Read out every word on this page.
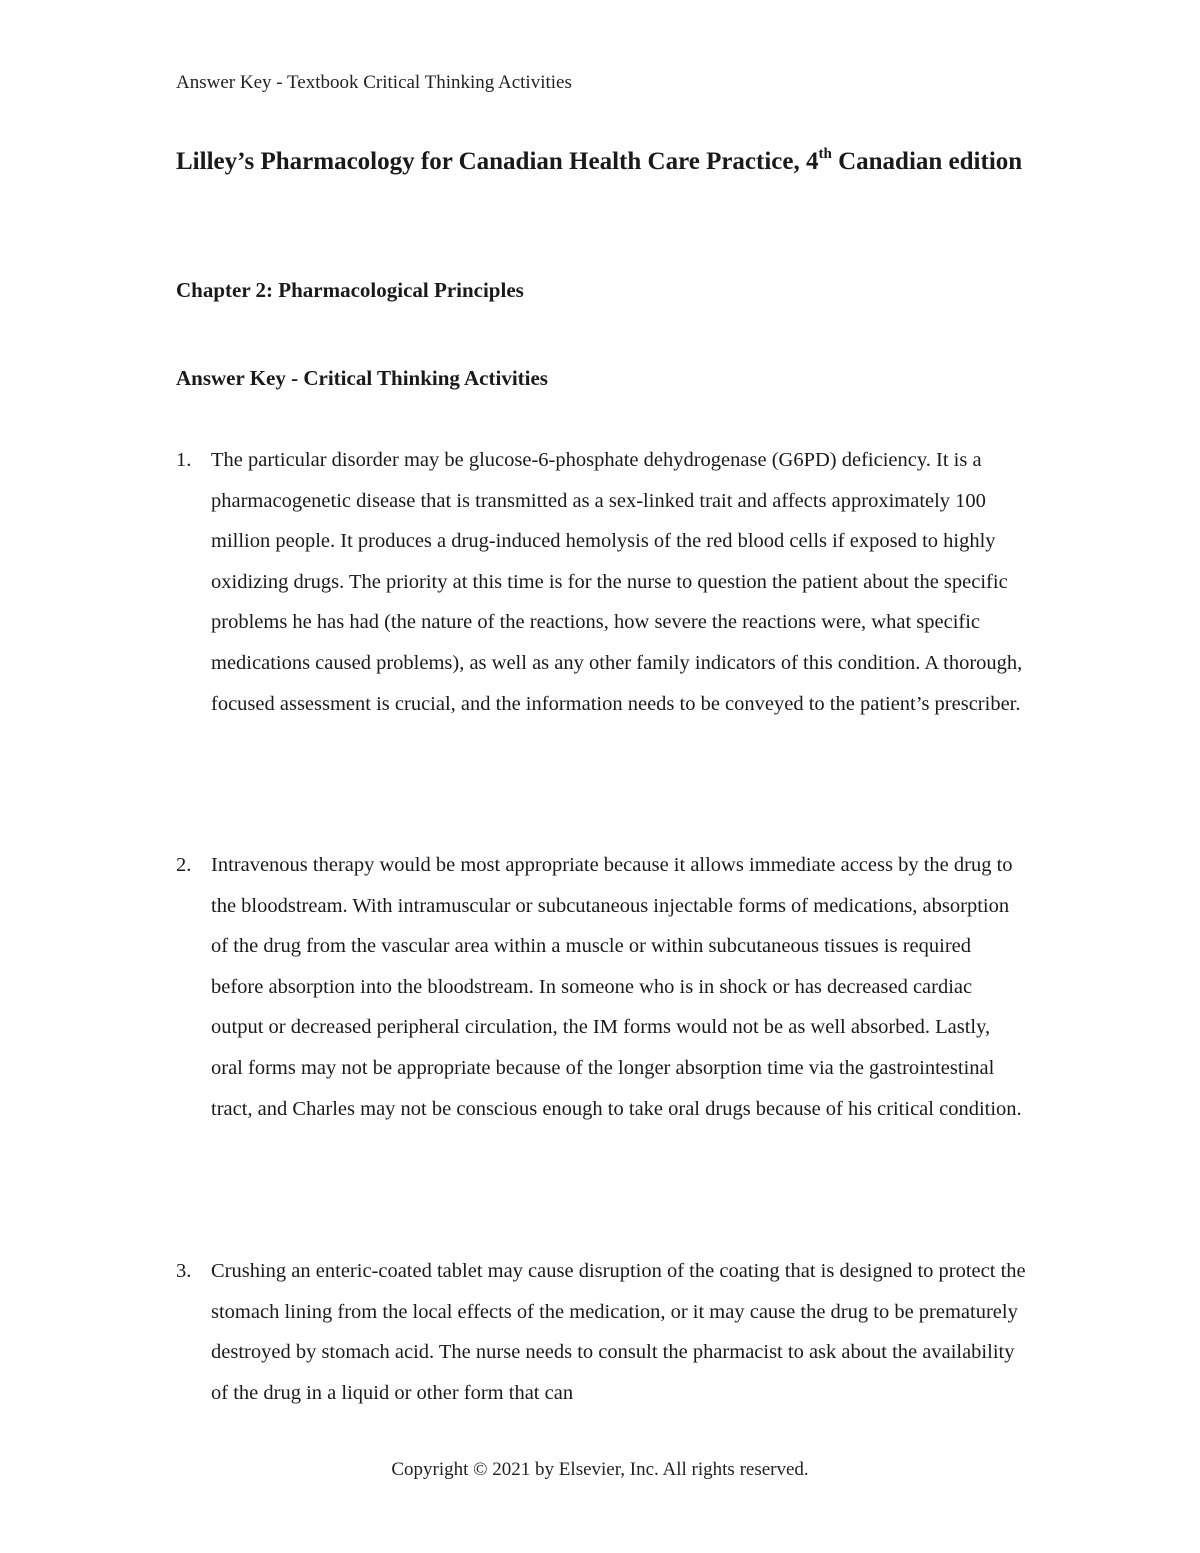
Answer Key - Textbook Critical Thinking Activities
Lilley’s Pharmacology for Canadian Health Care Practice, 4th Canadian edition
Chapter 2: Pharmacological Principles
Answer Key - Critical Thinking Activities
1. The particular disorder may be glucose-6-phosphate dehydrogenase (G6PD) deficiency. It is a pharmacogenetic disease that is transmitted as a sex-linked trait and affects approximately 100 million people. It produces a drug-induced hemolysis of the red blood cells if exposed to highly oxidizing drugs. The priority at this time is for the nurse to question the patient about the specific problems he has had (the nature of the reactions, how severe the reactions were, what specific medications caused problems), as well as any other family indicators of this condition. A thorough, focused assessment is crucial, and the information needs to be conveyed to the patient’s prescriber.

2. Intravenous therapy would be most appropriate because it allows immediate access by the drug to the bloodstream. With intramuscular or subcutaneous injectable forms of medications, absorption of the drug from the vascular area within a muscle or within subcutaneous tissues is required before absorption into the bloodstream. In someone who is in shock or has decreased cardiac output or decreased peripheral circulation, the IM forms would not be as well absorbed. Lastly, oral forms may not be appropriate because of the longer absorption time via the gastrointestinal tract, and Charles may not be conscious enough to take oral drugs because of his critical condition.

3. Crushing an enteric-coated tablet may cause disruption of the coating that is designed to protect the stomach lining from the local effects of the medication, or it may cause the drug to be prematurely destroyed by stomach acid. The nurse needs to consult the pharmacist to ask about the availability of the drug in a liquid or other form that can

Copyright © 2021 by Elsevier, Inc. All rights reserved.
